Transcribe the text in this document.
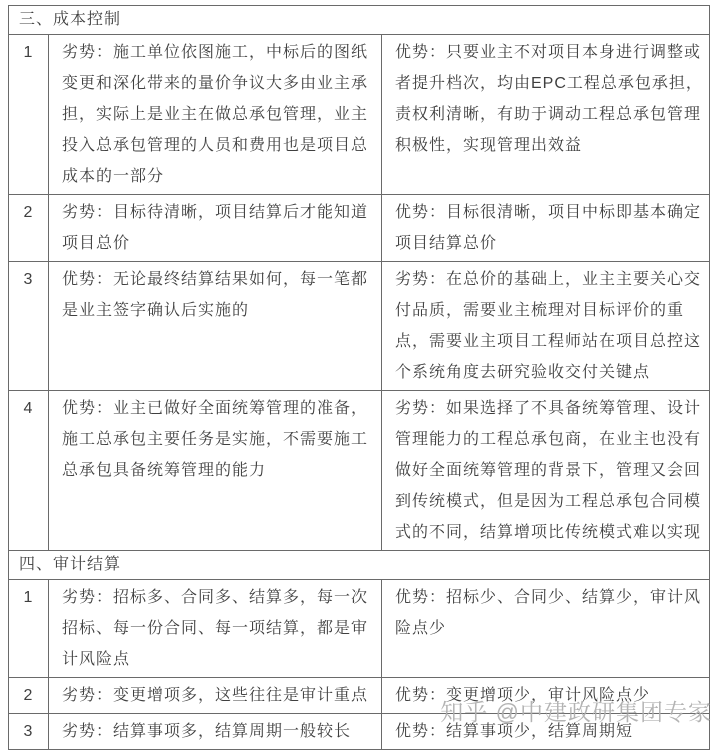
三、成本控制		
1	劣势：施工单位依图施工，中标后的图纸变更和深化带来的量价争议大多由业主承担，实际上是业主在做总承包管理，业主投入总承包管理的人员和费用也是项目总成本的一部分	优势：只要业主不对项目本身进行调整或者提升档次，均由EPC工程总承包承担，责权利清晰，有助于调动工程总承包管理积极性，实现管理出效益
2	劣势：目标待清晰，项目结算后才能知道项目总价	优势：目标很清晰，项目中标即基本确定项目结算总价
3	优势：无论最终结算结果如何，每一笔都是业主签字确认后实施的	劣势：在总价的基础上，业主主要关心交付品质，需要业主梳理对目标评价的重点，需要业主项目工程师站在项目总控这个系统角度去研究验收交付关键点
4	优势：业主已做好全面统筹管理的准备，施工总承包主要任务是实施，不需要施工总承包具备统筹管理的能力	劣势：如果选择了不具备统筹管理、设计管理能力的工程总承包商，在业主也没有做好全面统筹管理的背景下，管理又会回到传统模式，但是因为工程总承包合同模式的不同，结算增项比传统模式难以实现
四、审计结算		
1	劣势：招标多、合同多、结算多，每一次招标、每一份合同、每一项结算，都是审计风险点	优势：招标少、合同少、结算少，审计风险点少
2	劣势：变更增项多，这些往往是审计重点	优势：变更增项少，审计风险点少
3	劣势：结算事项多，结算周期一般较长	优势：结算事项少，结算周期短
知乎 @中建政研集团专家
